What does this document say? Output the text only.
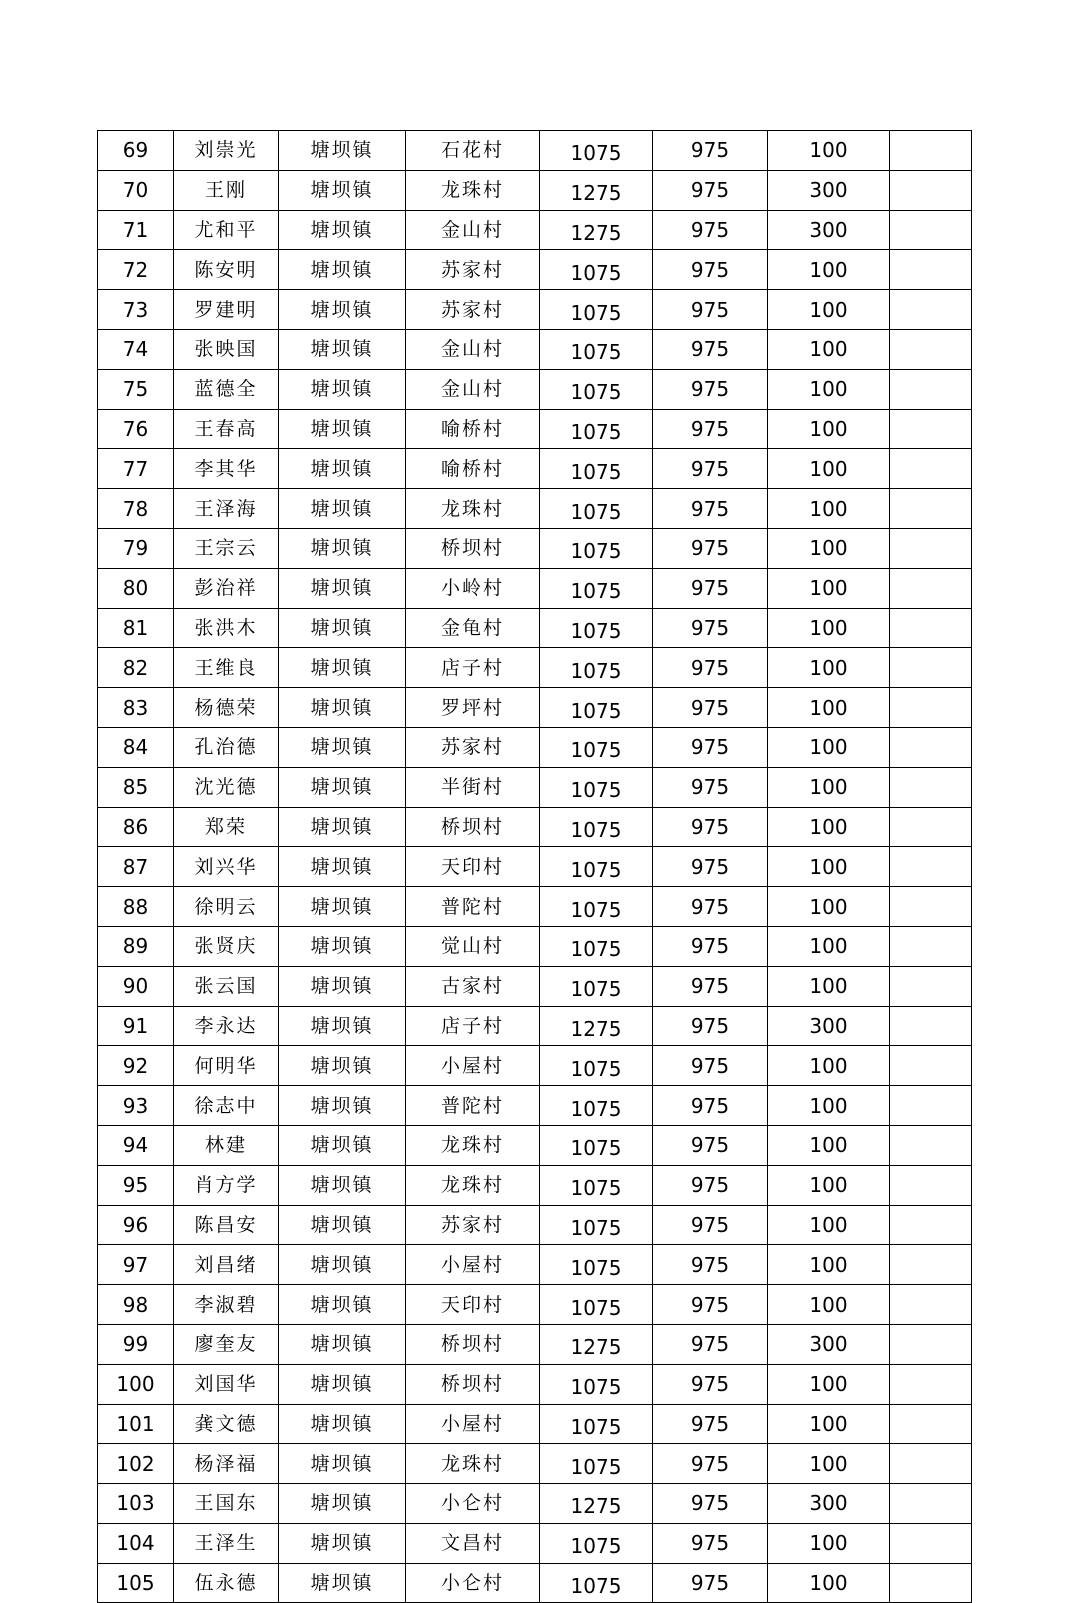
69	刘崇光	塘坝镇	石花村	1075	975	100	
70	王刚	塘坝镇	龙珠村	1275	975	300	
71	尤和平	塘坝镇	金山村	1275	975	300	
72	陈安明	塘坝镇	苏家村	1075	975	100	
73	罗建明	塘坝镇	苏家村	1075	975	100	
74	张映国	塘坝镇	金山村	1075	975	100	
75	蓝德全	塘坝镇	金山村	1075	975	100	
76	王春高	塘坝镇	喻桥村	1075	975	100	
77	李其华	塘坝镇	喻桥村	1075	975	100	
78	王泽海	塘坝镇	龙珠村	1075	975	100	
79	王宗云	塘坝镇	桥坝村	1075	975	100	
80	彭治祥	塘坝镇	小岭村	1075	975	100	
81	张洪木	塘坝镇	金龟村	1075	975	100	
82	王维良	塘坝镇	店子村	1075	975	100	
83	杨德荣	塘坝镇	罗坪村	1075	975	100	
84	孔治德	塘坝镇	苏家村	1075	975	100	
85	沈光德	塘坝镇	半街村	1075	975	100	
86	郑荣	塘坝镇	桥坝村	1075	975	100	
87	刘兴华	塘坝镇	天印村	1075	975	100	
88	徐明云	塘坝镇	普陀村	1075	975	100	
89	张贤庆	塘坝镇	觉山村	1075	975	100	
90	张云国	塘坝镇	古家村	1075	975	100	
91	李永达	塘坝镇	店子村	1275	975	300	
92	何明华	塘坝镇	小屋村	1075	975	100	
93	徐志中	塘坝镇	普陀村	1075	975	100	
94	林建	塘坝镇	龙珠村	1075	975	100	
95	肖方学	塘坝镇	龙珠村	1075	975	100	
96	陈昌安	塘坝镇	苏家村	1075	975	100	
97	刘昌绪	塘坝镇	小屋村	1075	975	100	
98	李淑碧	塘坝镇	天印村	1075	975	100	
99	廖奎友	塘坝镇	桥坝村	1275	975	300	
100	刘国华	塘坝镇	桥坝村	1075	975	100	
101	龚文德	塘坝镇	小屋村	1075	975	100	
102	杨泽福	塘坝镇	龙珠村	1075	975	100	
103	王国东	塘坝镇	小仑村	1275	975	300	
104	王泽生	塘坝镇	文昌村	1075	975	100	
105	伍永德	塘坝镇	小仑村	1075	975	100	
